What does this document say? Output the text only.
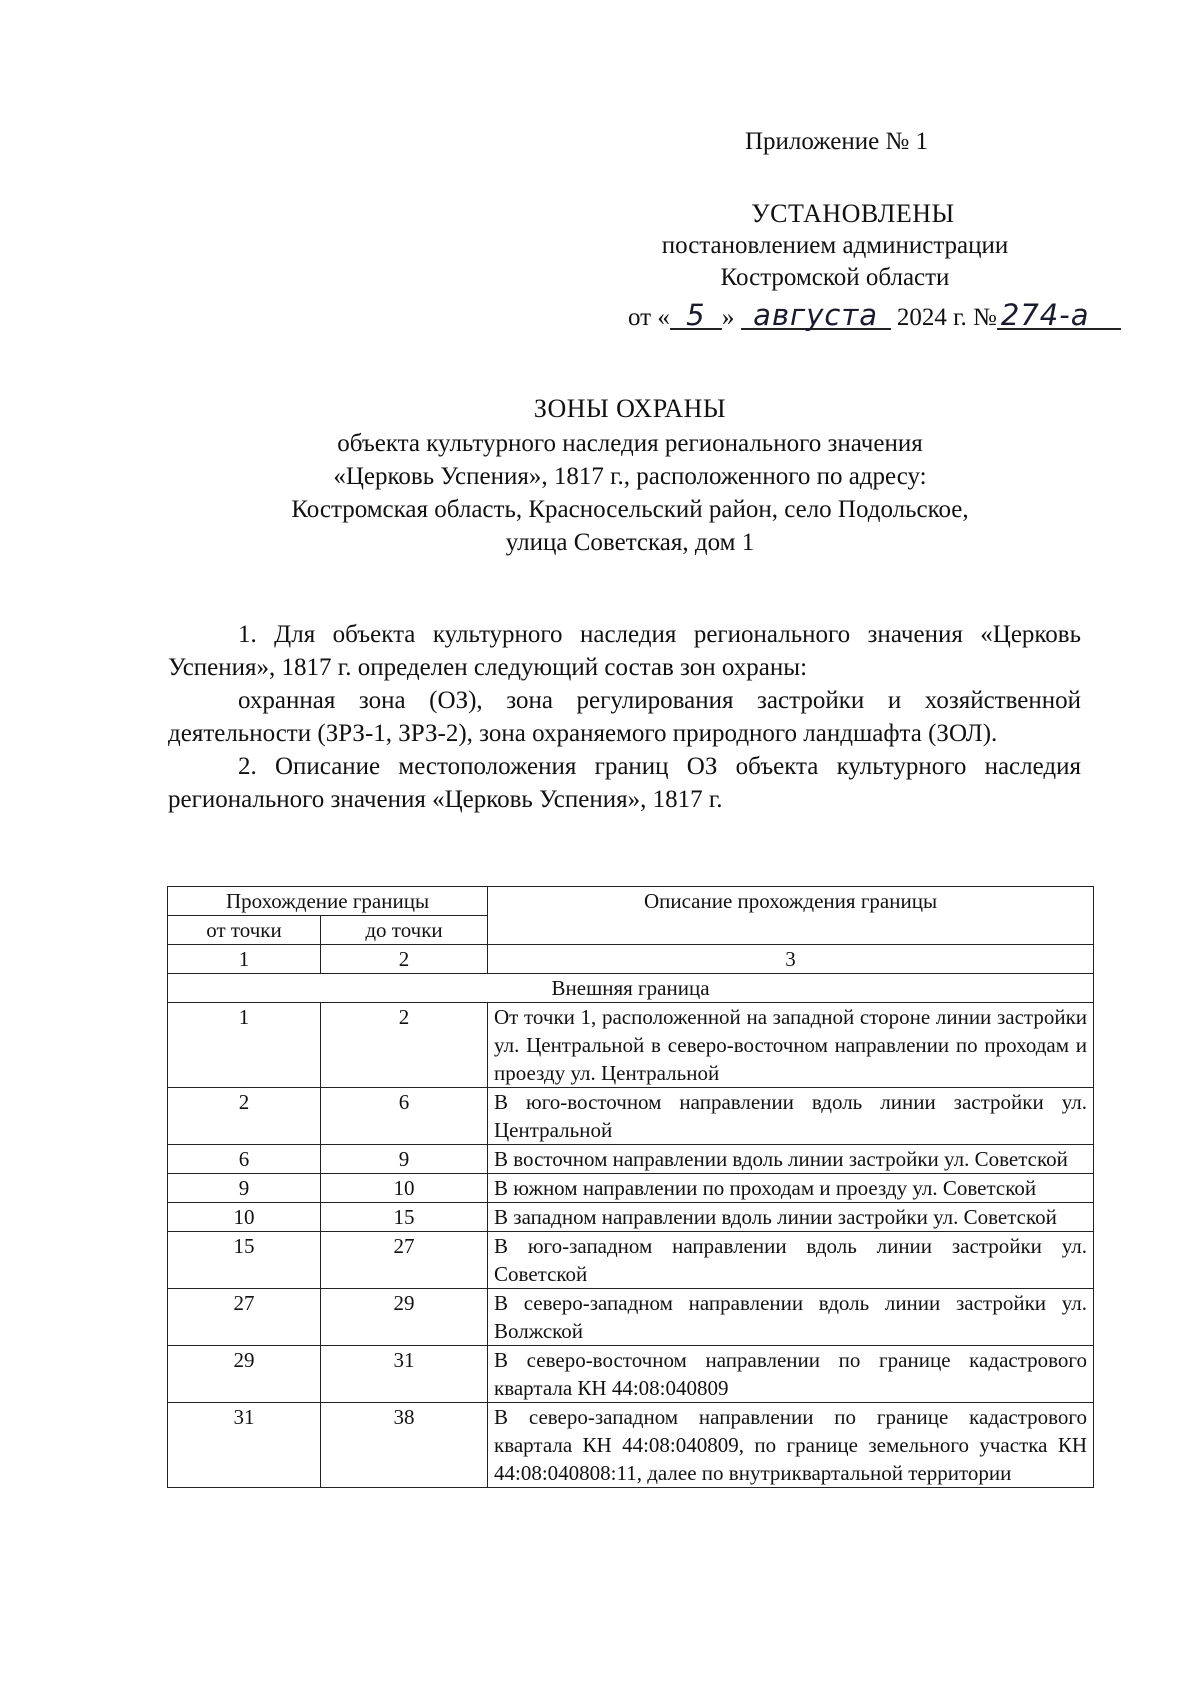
Приложение № 1
УСТАНОВЛЕНЫ
постановлением администрации
Костромской области
от « 5 » августа 2024 г. № 274-а
ЗОНЫ ОХРАНЫ
объекта культурного наследия регионального значения
«Церковь Успения», 1817 г., расположенного по адресу:
Костромская область, Красносельский район, село Подольское,
улица Советская, дом 1

1. Для объекта культурного наследия регионального значения «Церковь Успения», 1817 г. определен следующий состав зон охраны:

охранная зона (ОЗ), зона регулирования застройки и хозяйственной деятельности (ЗРЗ-1, ЗРЗ-2), зона охраняемого природного ландшафта (ЗОЛ).

2. Описание местоположения границ ОЗ объекта культурного наследия регионального значения «Церковь Успения», 1817 г.

Прохождение границы		Описание прохождения границы
от точки	до точки	
1	2	3
Внешняя граница		
1	2	От точки 1, расположенной на западной стороне линии застройки ул. Центральной в северо-восточном направлении по проходам и проезду ул. Центральной
2	6	В юго-восточном направлении вдоль линии застройки ул. Центральной
6	9	В восточном направлении вдоль линии застройки ул. Советской
9	10	В южном направлении по проходам и проезду ул. Советской
10	15	В западном направлении вдоль линии застройки ул. Советской
15	27	В юго-западном направлении вдоль линии застройки ул. Советской
27	29	В северо-западном направлении вдоль линии застройки ул. Волжской
29	31	В северо-восточном направлении по границе кадастрового квартала КН 44:08:040809
31	38	В северо-западном направлении по границе кадастрового квартала КН 44:08:040809, по границе земельного участка КН 44:08:040808:11, далее по внутриквартальной территории
